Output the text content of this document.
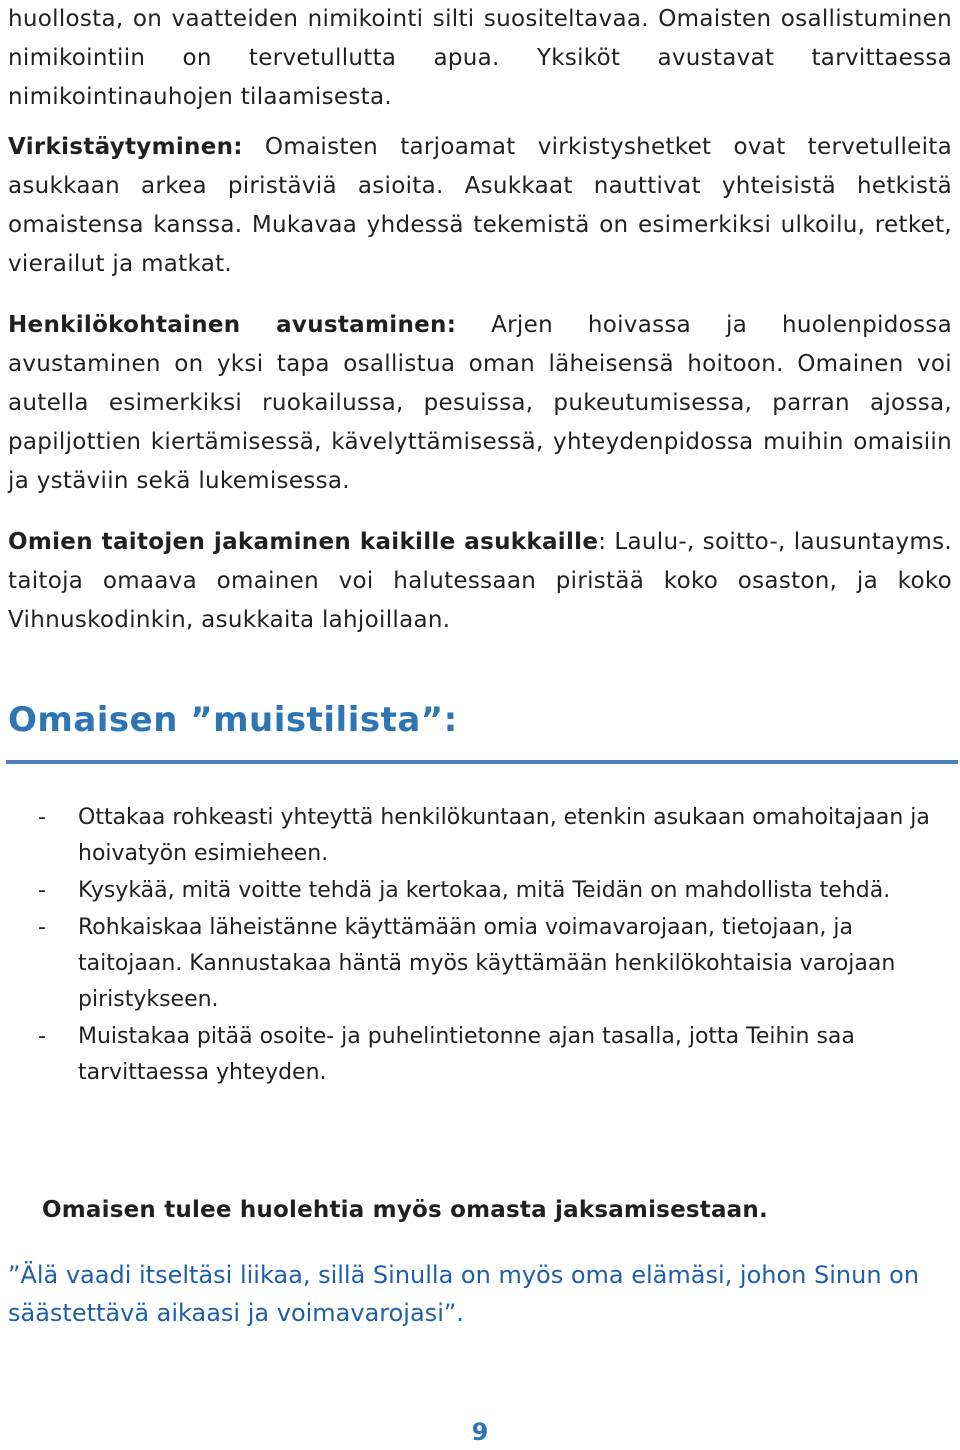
huollosta, on vaatteiden nimikointi silti suositeltavaa. Omaisten osallistuminen nimikointiin on tervetullutta apua. Yksiköt avustavat tarvittaessa nimikointinauhojen tilaamisesta.

Virkistäytyminen: Omaisten tarjoamat virkistyshetket ovat tervetulleita asukkaan arkea piristäviä asioita. Asukkaat nauttivat yhteisistä hetkistä omaistensa kanssa. Mukavaa yhdessä tekemistä on esimerkiksi ulkoilu, retket, vierailut ja matkat.

Henkilökohtainen avustaminen: Arjen hoivassa ja huolenpidossa avustaminen on yksi tapa osallistua oman läheisensä hoitoon. Omainen voi autella esimerkiksi ruokailussa, pesuissa, pukeutumisessa, parran ajossa, papiljottien kiertämisessä, kävelyttämisessä, yhteydenpidossa muihin omaisiin ja ystäviin sekä lukemisessa.

Omien taitojen jakaminen kaikille asukkaille: Laulu-, soitto-, lausuntayms. taitoja omaava omainen voi halutessaan piristää koko osaston, ja koko Vihnuskodinkin, asukkaita lahjoillaan.

Omaisen ”muistilista”:
- Ottakaa rohkeasti yhteyttä henkilökuntaan, etenkin asukaan omahoitajaan ja hoivatyön esimieheen.
- Kysykää, mitä voitte tehdä ja kertokaa, mitä Teidän on mahdollista tehdä.
- Rohkaiskaa läheistänne käyttämään omia voimavarojaan, tietojaan, ja taitojaan. Kannustakaa häntä myös käyttämään henkilökohtaisia varojaan piristykseen.
- Muistakaa pitää osoite- ja puhelintietonne ajan tasalla, jotta Teihin saa tarvittaessa yhteyden.

Omaisen tulee huolehtia myös omasta jaksamisestaan.

”Älä vaadi itseltäsi liikaa, sillä Sinulla on myös oma elämäsi, johon Sinun on säästettävä aikaasi ja voimavarojasi”.

9
